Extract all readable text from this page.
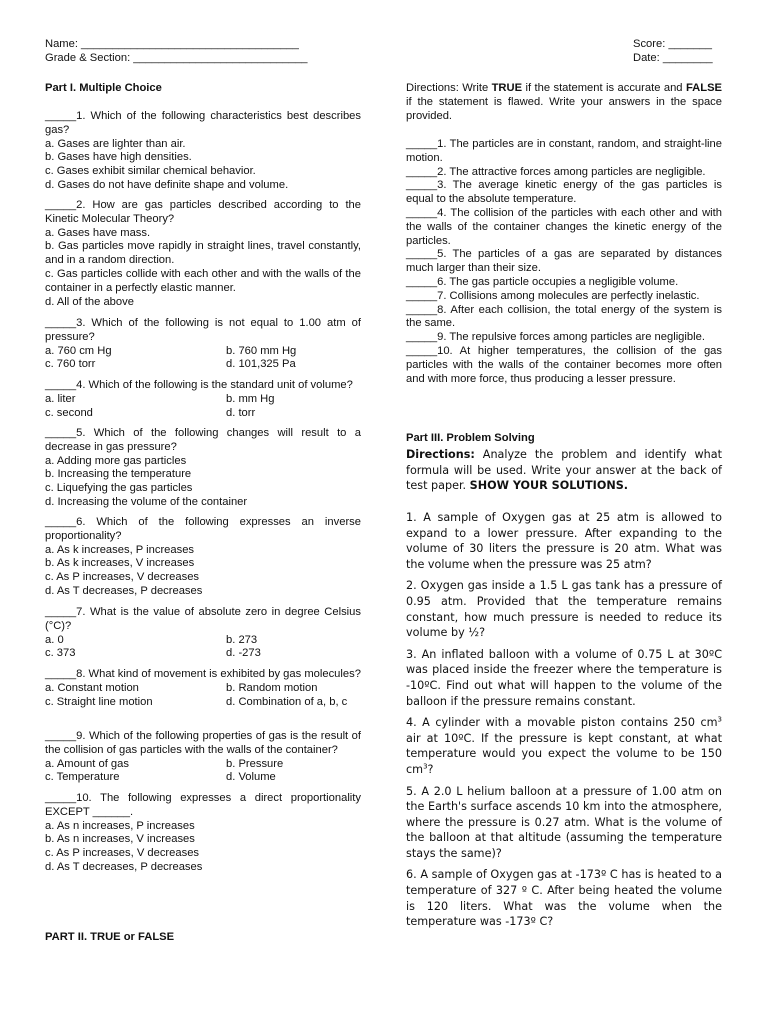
Name: ___________________________________
Grade & Section: ____________________________
Score: _______
Date: ________
Part I. Multiple Choice
_____1. Which of the following characteristics best describes gas?
a. Gases are lighter than air.
b. Gases have high densities.
c. Gases exhibit similar chemical behavior.
d. Gases do not have definite shape and volume.
_____2. How are gas particles described according to the Kinetic Molecular Theory?
a. Gases have mass.
b. Gas particles move rapidly in straight lines, travel constantly, and in a random direction.
c. Gas particles collide with each other and with the walls of the container in a perfectly elastic manner.
d. All of the above
_____3. Which of the following is not equal to 1.00 atm of pressure?
a. 760 cm Hg	b. 760 mm Hg
c. 760 torr	d. 101,325 Pa
_____4. Which of the following is the standard unit of volume?
a. liter	b. mm Hg
c. second	d. torr
_____5. Which of the following changes will result to a decrease in gas pressure?
a. Adding more gas particles
b. Increasing the temperature
c. Liquefying the gas particles
d. Increasing the volume of the container
_____6. Which of the following expresses an inverse proportionality?
a. As k increases, P increases
b. As k increases, V increases
c. As P increases, V decreases
d. As T decreases, P decreases
_____7. What is the value of absolute zero in degree Celsius (°C)?
a. 0	b. 273
c. 373	d. -273
_____8. What kind of movement is exhibited by gas molecules?
a. Constant motion	b. Random motion
c. Straight line motion	d. Combination of a, b, c
_____9. Which of the following properties of gas is the result of the collision of gas particles with the walls of the container?
a. Amount of gas	b. Pressure
c. Temperature	d. Volume
_____10. The following expresses a direct proportionality EXCEPT ______.
a. As n increases, P increases
b. As n increases, V increases
c. As P increases, V decreases
d. As T decreases, P decreases
PART II. TRUE or FALSE
Directions: Write TRUE if the statement is accurate and FALSE if the statement is flawed. Write your answers in the space provided.
_____1. The particles are in constant, random, and straight-line motion.
_____2. The attractive forces among particles are negligible.
_____3. The average kinetic energy of the gas particles is equal to the absolute temperature.
_____4. The collision of the particles with each other and with the walls of the container changes the kinetic energy of the particles.
_____5. The particles of a gas are separated by distances much larger than their size.
_____6. The gas particle occupies a negligible volume.
_____7. Collisions among molecules are perfectly inelastic.
_____8. After each collision, the total energy of the system is the same.
_____9. The repulsive forces among particles are negligible.
_____10. At higher temperatures, the collision of the gas particles with the walls of the container becomes more often and with more force, thus producing a lesser pressure.
Part III. Problem Solving
Directions: Analyze the problem and identify what formula will be used. Write your answer at the back of test paper. SHOW YOUR SOLUTIONS.
1. A sample of Oxygen gas at 25 atm is allowed to expand to a lower pressure. After expanding to the volume of 30 liters the pressure is 20 atm. What was the volume when the pressure was 25 atm?
2. Oxygen gas inside a 1.5 L gas tank has a pressure of 0.95 atm. Provided that the temperature remains constant, how much pressure is needed to reduce its volume by ½?
3. An inflated balloon with a volume of 0.75 L at 30ºC was placed inside the freezer where the temperature is -10ºC. Find out what will happen to the volume of the balloon if the pressure remains constant.
4. A cylinder with a movable piston contains 250 $cm^3$ air at 10ºC. If the pressure is kept constant, at what temperature would you expect the volume to be 150 $cm^3$?
5. A 2.0 L helium balloon at a pressure of 1.00 atm on the Earth's surface ascends 10 km into the atmosphere, where the pressure is 0.27 atm. What is the volume of the balloon at that altitude (assuming the temperature stays the same)?
6. A sample of Oxygen gas at -173º C has is heated to a temperature of 327 º C. After being heated the volume is 120 liters. What was the volume when the temperature was -173º C?
